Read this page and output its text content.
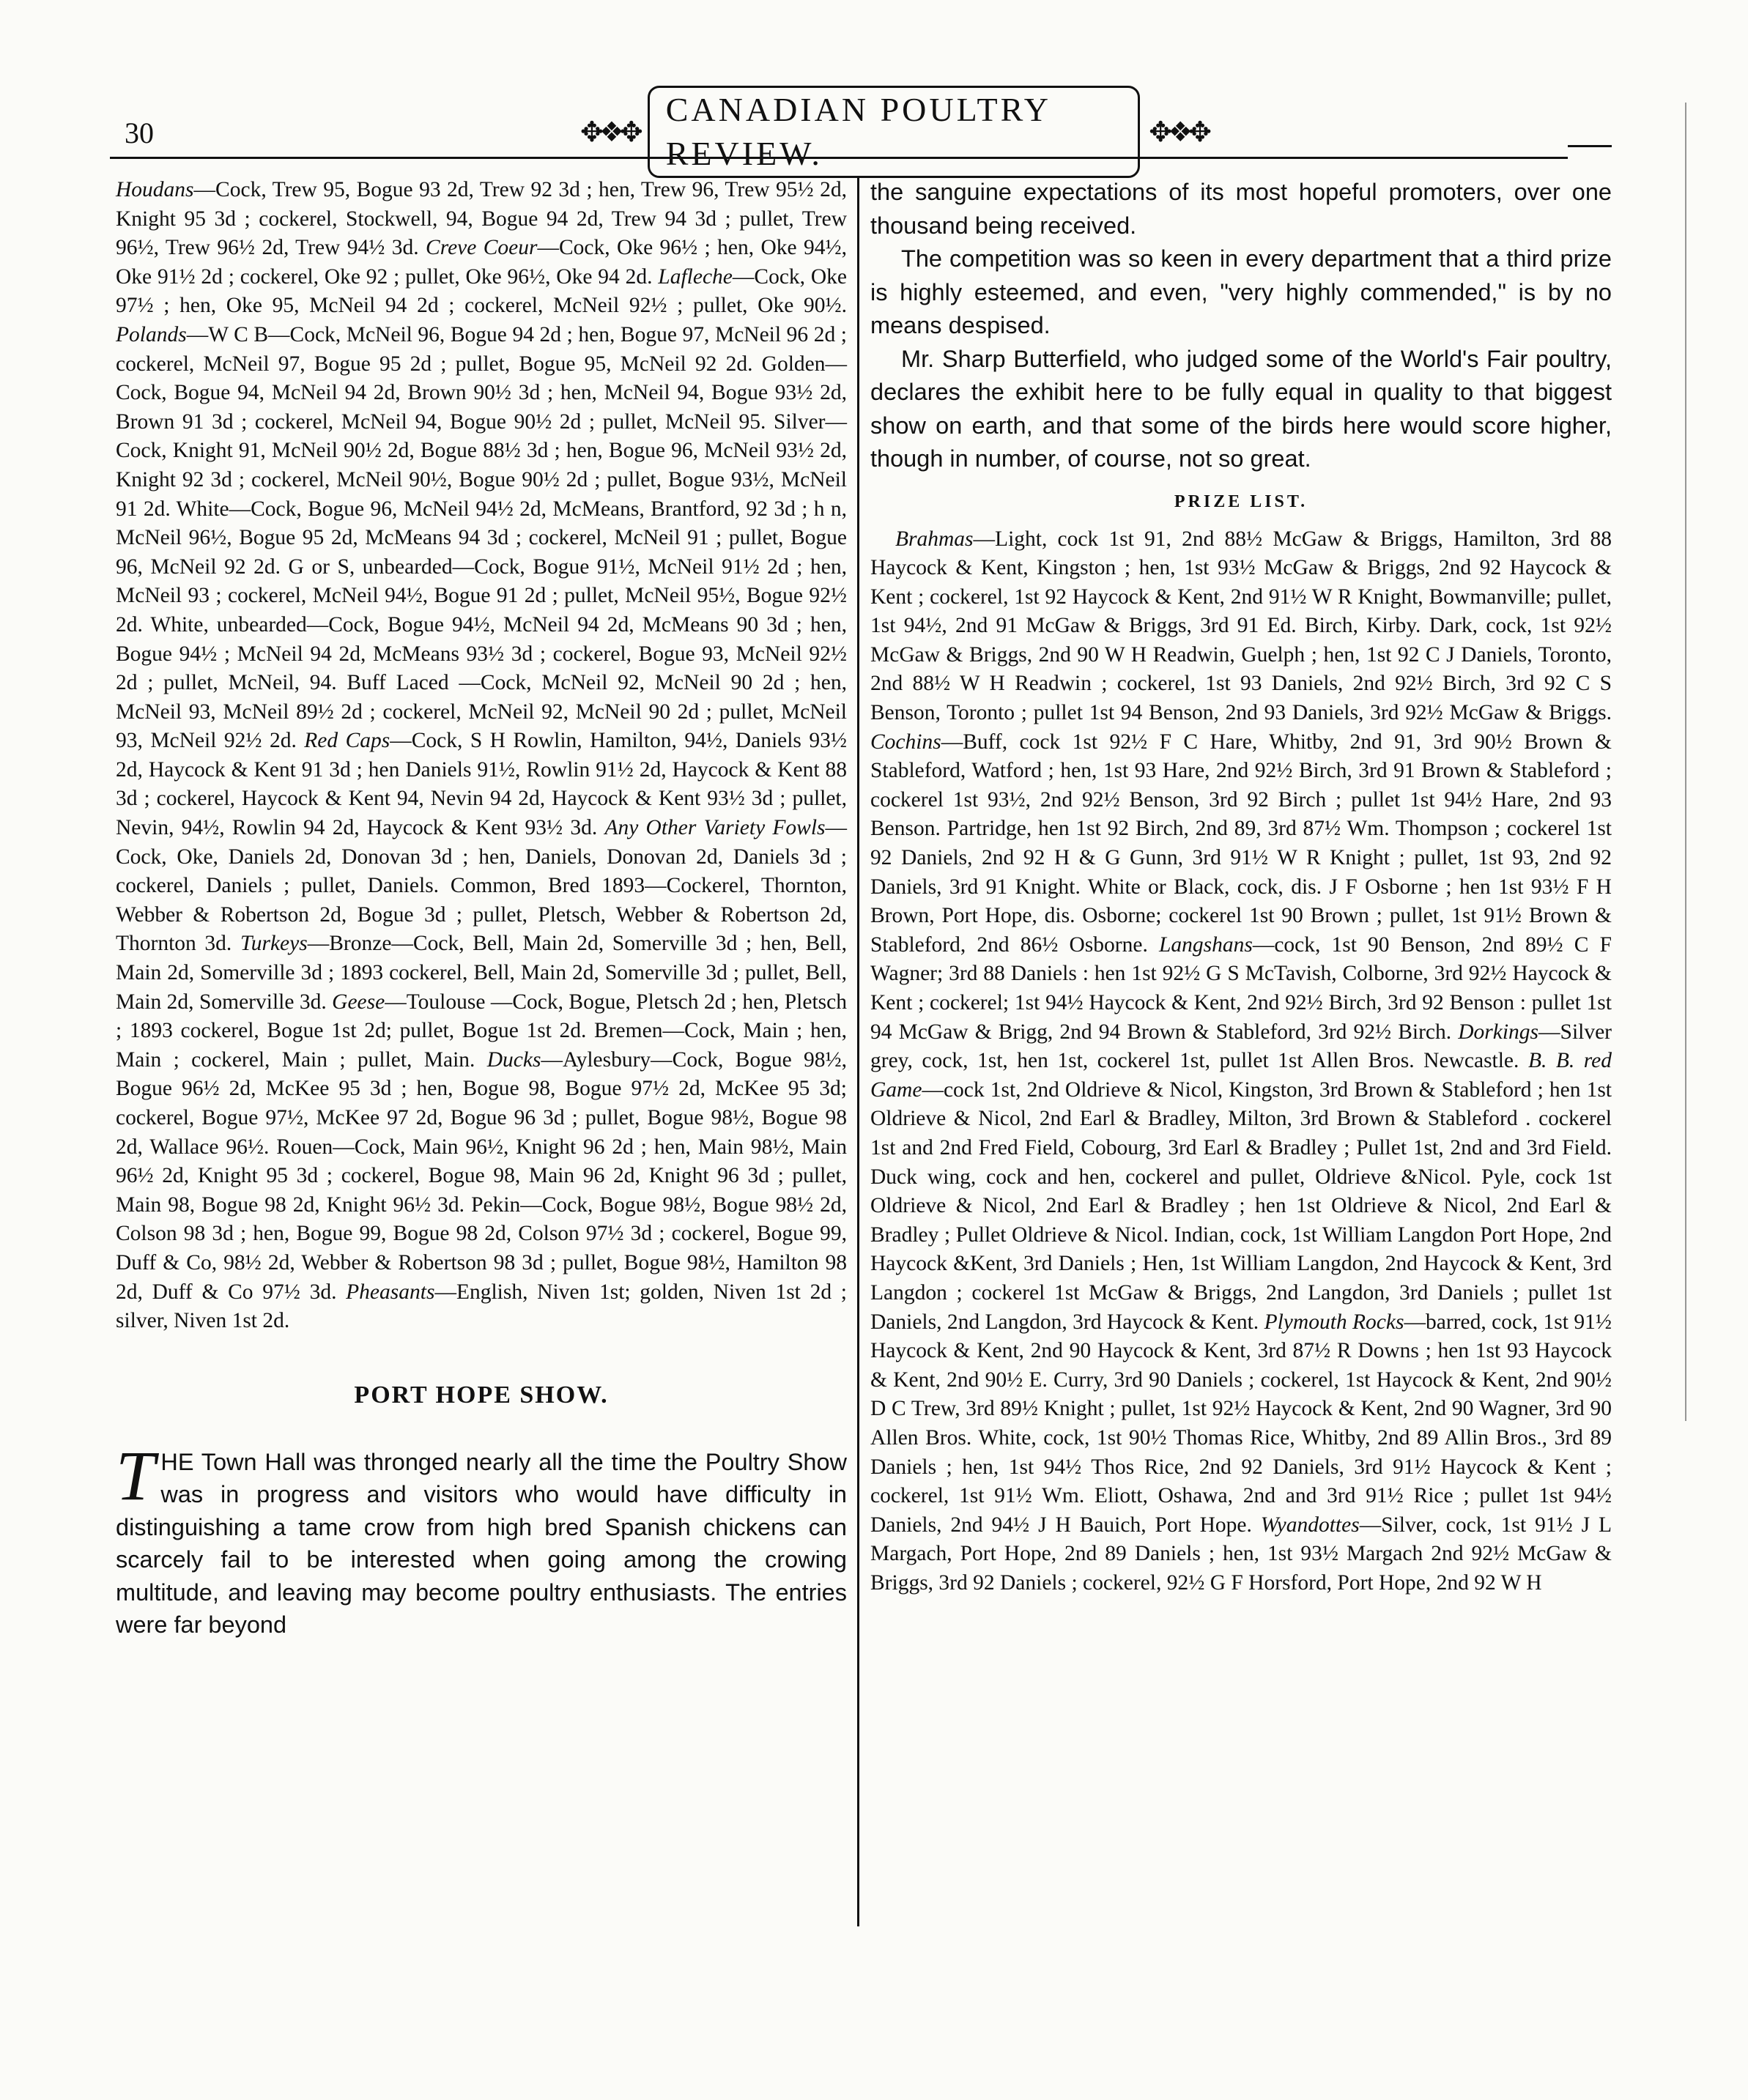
30	✥❖✥
CANADIAN POULTRY REVIEW.
✥❖✥

Houdans—Cock, Trew 95, Bogue 93 2d, Trew 92 3d ; hen, Trew 96, Trew 95½ 2d, Knight 95 3d ; cockerel, Stockwell, 94, Bogue 94 2d, Trew 94 3d ; pullet, Trew 96½, Trew 96½ 2d, Trew 94½ 3d. Creve Coeur—Cock, Oke 96½ ; hen, Oke 94½, Oke 91½ 2d ; cockerel, Oke 92 ; pullet, Oke 96½, Oke 94 2d. Lafleche—Cock, Oke 97½ ; hen, Oke 95, McNeil 94 2d ; cockerel, McNeil 92½ ; pullet, Oke 90½. Polands—W C B—Cock, McNeil 96, Bogue 94 2d ; hen, Bogue 97, McNeil 96 2d ; cockerel, McNeil 97, Bogue 95 2d ; pullet, Bogue 95, McNeil 92 2d. Golden—Cock, Bogue 94, McNeil 94 2d, Brown 90½ 3d ; hen, McNeil 94, Bogue 93½ 2d, Brown 91 3d ; cockerel, McNeil 94, Bogue 90½ 2d ; pullet, McNeil 95. Silver—Cock, Knight 91, McNeil 90½ 2d, Bogue 88½ 3d ; hen, Bogue 96, McNeil 93½ 2d, Knight 92 3d ; cockerel, McNeil 90½, Bogue 90½ 2d ; pullet, Bogue 93½, McNeil 91 2d. White—Cock, Bogue 96, McNeil 94½ 2d, McMeans, Brantford, 92 3d ; h n, McNeil 96½, Bogue 95 2d, McMeans 94 3d ; cockerel, McNeil 91 ; pullet, Bogue 96, McNeil 92 2d. G or S, unbearded—Cock, Bogue 91½, McNeil 91½ 2d ; hen, McNeil 93 ; cockerel, McNeil 94½, Bogue 91 2d ; pullet, McNeil 95½, Bogue 92½ 2d. White, unbearded—Cock, Bogue 94½, McNeil 94 2d, McMeans 90 3d ; hen, Bogue 94½ ; McNeil 94 2d, McMeans 93½ 3d ; cockerel, Bogue 93, McNeil 92½ 2d ; pullet, McNeil, 94. Buff Laced —Cock, McNeil 92, McNeil 90 2d ; hen, McNeil 93, McNeil 89½ 2d ; cockerel, McNeil 92, McNeil 90 2d ; pullet, McNeil 93, McNeil 92½ 2d. Red Caps—Cock, S H Rowlin, Hamilton, 94½, Daniels 93½ 2d, Haycock & Kent 91 3d ; hen Daniels 91½, Rowlin 91½ 2d, Haycock & Kent 88 3d ; cockerel, Haycock & Kent 94, Nevin 94 2d, Haycock & Kent 93½ 3d ; pullet, Nevin, 94½, Rowlin 94 2d, Haycock & Kent 93½ 3d. Any Other Variety Fowls—Cock, Oke, Daniels 2d, Donovan 3d ; hen, Daniels, Donovan 2d, Daniels 3d ; cockerel, Daniels ; pullet, Daniels. Common, Bred 1893—Cockerel, Thornton, Webber & Robertson 2d, Bogue 3d ; pullet, Pletsch, Webber & Robertson 2d, Thornton 3d. Turkeys—Bronze—Cock, Bell, Main 2d, Somerville 3d ; hen, Bell, Main 2d, Somerville 3d ; 1893 cockerel, Bell, Main 2d, Somerville 3d ; pullet, Bell, Main 2d, Somerville 3d. Geese—Toulouse —Cock, Bogue, Pletsch 2d ; hen, Pletsch ; 1893 cockerel, Bogue 1st 2d; pullet, Bogue 1st 2d. Bremen—Cock, Main ; hen, Main ; cockerel, Main ; pullet, Main. Ducks—Aylesbury—Cock, Bogue 98½, Bogue 96½ 2d, McKee 95 3d ; hen, Bogue 98, Bogue 97½ 2d, McKee 95 3d; cockerel, Bogue 97½, McKee 97 2d, Bogue 96 3d ; pullet, Bogue 98½, Bogue 98 2d, Wallace 96½. Rouen—Cock, Main 96½, Knight 96 2d ; hen, Main 98½, Main 96½ 2d, Knight 95 3d ; cockerel, Bogue 98, Main 96 2d, Knight 96 3d ; pullet, Main 98, Bogue 98 2d, Knight 96½ 3d. Pekin—Cock, Bogue 98½, Bogue 98½ 2d, Colson 98 3d ; hen, Bogue 99, Bogue 98 2d, Colson 97½ 3d ; cockerel, Bogue 99, Duff & Co, 98½ 2d, Webber & Robertson 98 3d ; pullet, Bogue 98½, Hamilton 98 2d, Duff & Co 97½ 3d. Pheasants—English, Niven 1st; golden, Niven 1st 2d ; silver, Niven 1st 2d.

PORT HOPE SHOW.

THE Town Hall was thronged nearly all the time the Poultry Show was in progress and visitors who would have difficulty in distinguishing a tame crow from high bred Spanish chickens can scarcely fail to be interested when going among the crowing multitude, and leaving may become poultry enthusiasts. The entries were far beyond

the sanguine expectations of its most hopeful promoters, over one thousand being received.

The competition was so keen in every department that a third prize is highly esteemed, and even, "very highly commended," is by no means despised.

Mr. Sharp Butterfield, who judged some of the World's Fair poultry, declares the exhibit here to be fully equal in quality to that biggest show on earth, and that some of the birds here would score higher, though in number, of course, not so great.

PRIZE LIST.

Brahmas—Light, cock 1st 91, 2nd 88½ McGaw & Briggs, Hamilton, 3rd 88 Haycock & Kent, Kingston ; hen, 1st 93½ McGaw & Briggs, 2nd 92 Haycock & Kent ; cockerel, 1st 92 Haycock & Kent, 2nd 91½ W R Knight, Bowmanville; pullet, 1st 94½, 2nd 91 McGaw & Briggs, 3rd 91 Ed. Birch, Kirby. Dark, cock, 1st 92½ McGaw & Briggs, 2nd 90 W H Readwin, Guelph ; hen, 1st 92 C J Daniels, Toronto, 2nd 88½ W H Readwin ; cockerel, 1st 93 Daniels, 2nd 92½ Birch, 3rd 92 C S Benson, Toronto ; pullet 1st 94 Benson, 2nd 93 Daniels, 3rd 92½ McGaw & Briggs. Cochins—Buff, cock 1st 92½ F C Hare, Whitby, 2nd 91, 3rd 90½ Brown & Stableford, Watford ; hen, 1st 93 Hare, 2nd 92½ Birch, 3rd 91 Brown & Stableford ; cockerel 1st 93½, 2nd 92½ Benson, 3rd 92 Birch ; pullet 1st 94½ Hare, 2nd 93 Benson. Partridge, hen 1st 92 Birch, 2nd 89, 3rd 87½ Wm. Thompson ; cockerel 1st 92 Daniels, 2nd 92 H & G Gunn, 3rd 91½ W R Knight ; pullet, 1st 93, 2nd 92 Daniels, 3rd 91 Knight. White or Black, cock, dis. J F Osborne ; hen 1st 93½ F H Brown, Port Hope, dis. Osborne; cockerel 1st 90 Brown ; pullet, 1st 91½ Brown & Stableford, 2nd 86½ Osborne. Langshans—cock, 1st 90 Benson, 2nd 89½ C F Wagner; 3rd 88 Daniels : hen 1st 92½ G S McTavish, Colborne, 3rd 92½ Haycock & Kent ; cockerel; 1st 94½ Haycock & Kent, 2nd 92½ Birch, 3rd 92 Benson : pullet 1st 94 McGaw & Brigg, 2nd 94 Brown & Stableford, 3rd 92½ Birch. Dorkings—Silver grey, cock, 1st, hen 1st, cockerel 1st, pullet 1st Allen Bros. Newcastle. B. B. red Game—cock 1st, 2nd Oldrieve & Nicol, Kingston, 3rd Brown & Stableford ; hen 1st Oldrieve & Nicol, 2nd Earl & Bradley, Milton, 3rd Brown & Stableford . cockerel 1st and 2nd Fred Field, Cobourg, 3rd Earl & Bradley ; Pullet 1st, 2nd and 3rd Field. Duck wing, cock and hen, cockerel and pullet, Oldrieve &Nicol. Pyle, cock 1st Oldrieve & Nicol, 2nd Earl & Bradley ; hen 1st Oldrieve & Nicol, 2nd Earl & Bradley ; Pullet Oldrieve & Nicol. Indian, cock, 1st William Langdon Port Hope, 2nd Haycock &Kent, 3rd Daniels ; Hen, 1st William Langdon, 2nd Haycock & Kent, 3rd Langdon ; cockerel 1st McGaw & Briggs, 2nd Langdon, 3rd Daniels ; pullet 1st Daniels, 2nd Langdon, 3rd Haycock & Kent. Plymouth Rocks—barred, cock, 1st 91½ Haycock & Kent, 2nd 90 Haycock & Kent, 3rd 87½ R Downs ; hen 1st 93 Haycock & Kent, 2nd 90½ E. Curry, 3rd 90 Daniels ; cockerel, 1st Haycock & Kent, 2nd 90½ D C Trew, 3rd 89½ Knight ; pullet, 1st 92½ Haycock & Kent, 2nd 90 Wagner, 3rd 90 Allen Bros. White, cock, 1st 90½ Thomas Rice, Whitby, 2nd 89 Allin Bros., 3rd 89 Daniels ; hen, 1st 94½ Thos Rice, 2nd 92 Daniels, 3rd 91½ Haycock & Kent ; cockerel, 1st 91½ Wm. Eliott, Oshawa, 2nd and 3rd 91½ Rice ; pullet 1st 94½ Daniels, 2nd 94½ J H Bauich, Port Hope. Wyandottes—Silver, cock, 1st 91½ J L Margach, Port Hope, 2nd 89 Daniels ; hen, 1st 93½ Margach 2nd 92½ McGaw & Briggs, 3rd 92 Daniels ; cockerel, 92½ G F Horsford, Port Hope, 2nd 92 W H
